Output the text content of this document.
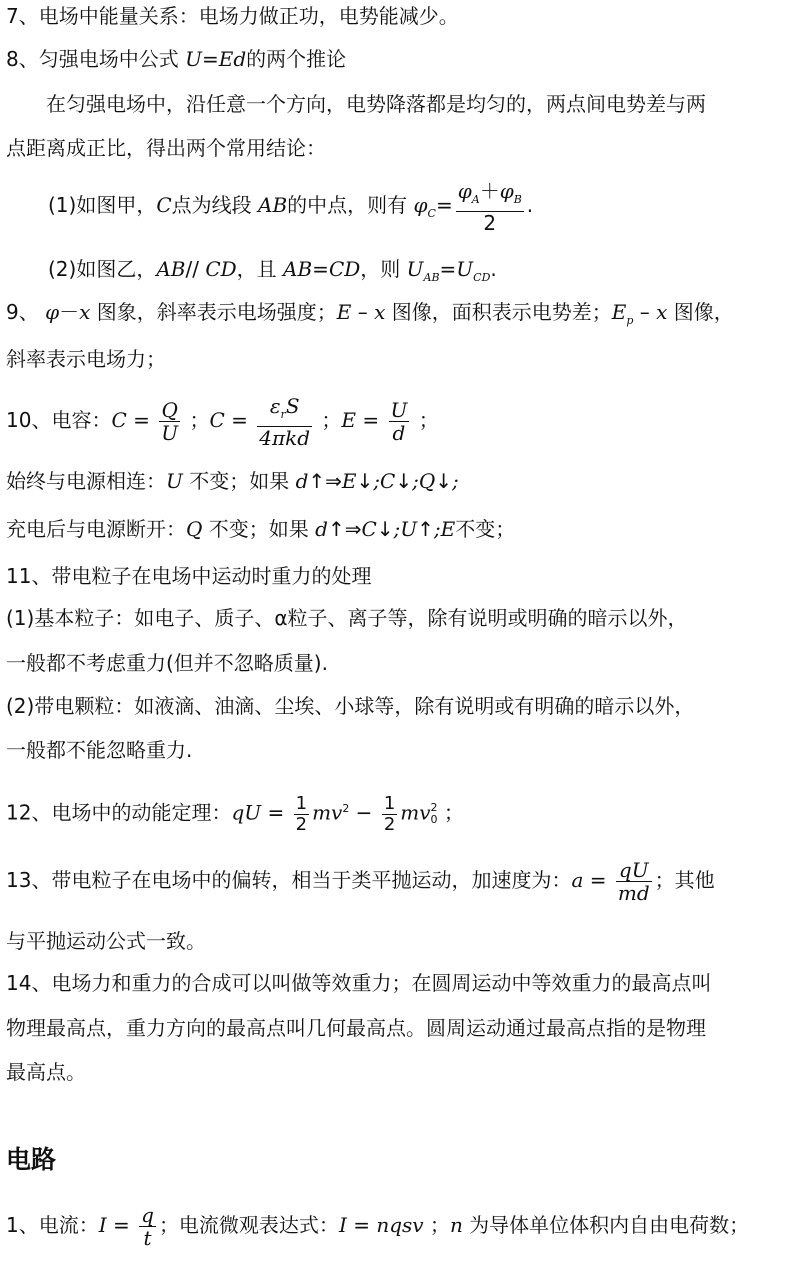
7、电场中能量关系：电场力做正功，电势能减少。
8、匀强电场中公式 U=Ed的两个推论
在匀强电场中，沿任意一个方向，电势降落都是均匀的，两点间电势差与两
点距离成正比，得出两个常用结论：
(1)如图甲，C点为线段 AB的中点，则有 $\varphi_C= \frac{\varphi_A+\varphi_B}{2}$ .
(2)如图乙，AB// CD，且 AB=CD，则 $U_{AB}=U_{CD}$.
9、 φ－x 图象，斜率表示电场强度；E – x 图像，面积表示电势差；$E_p$ – x 图像，
斜率表示电场力；
10、电容：$C = \frac{Q}{U}$ ；C =
$\varepsilon_rS$
4πkd
；$E = \frac{U}{d}$ ；
始终与电源相连：U 不变；如果 d↑⇒E↓;C↓;Q↓;
充电后与电源断开：Q 不变；如果 d↑⇒C↓;U↑;E不变；
11、带电粒子在电场中运动时重力的处理
(1)基本粒子：如电子、质子、α粒子、离子等，除有说明或明确的暗示以外，
一般都不考虑重力(但并不忽略质量).
(2)带电颗粒：如液滴、油滴、尘埃、小球等，除有说明或有明确的暗示以外，
一般都不能忽略重力.
12、电场中的动能定理：qU = $\frac{1}{2} mv^2 - \frac{1}{2}$ mv 2
0 ；
13、带电粒子在电场中的偏转，相当于类平抛运动，加速度为：$a = \frac{qU}{md}$ ；其他
与平抛运动公式一致。
14、电场力和重力的合成可以叫做等效重力；在圆周运动中等效重力的最高点叫
物理最高点，重力方向的最高点叫几何最高点。圆周运动通过最高点指的是物理
最高点。
电路
1、电流：$I = \frac{q}{t}$ ；电流微观表达式：I = nqsv ；n 为导体单位体积内自由电荷数；
